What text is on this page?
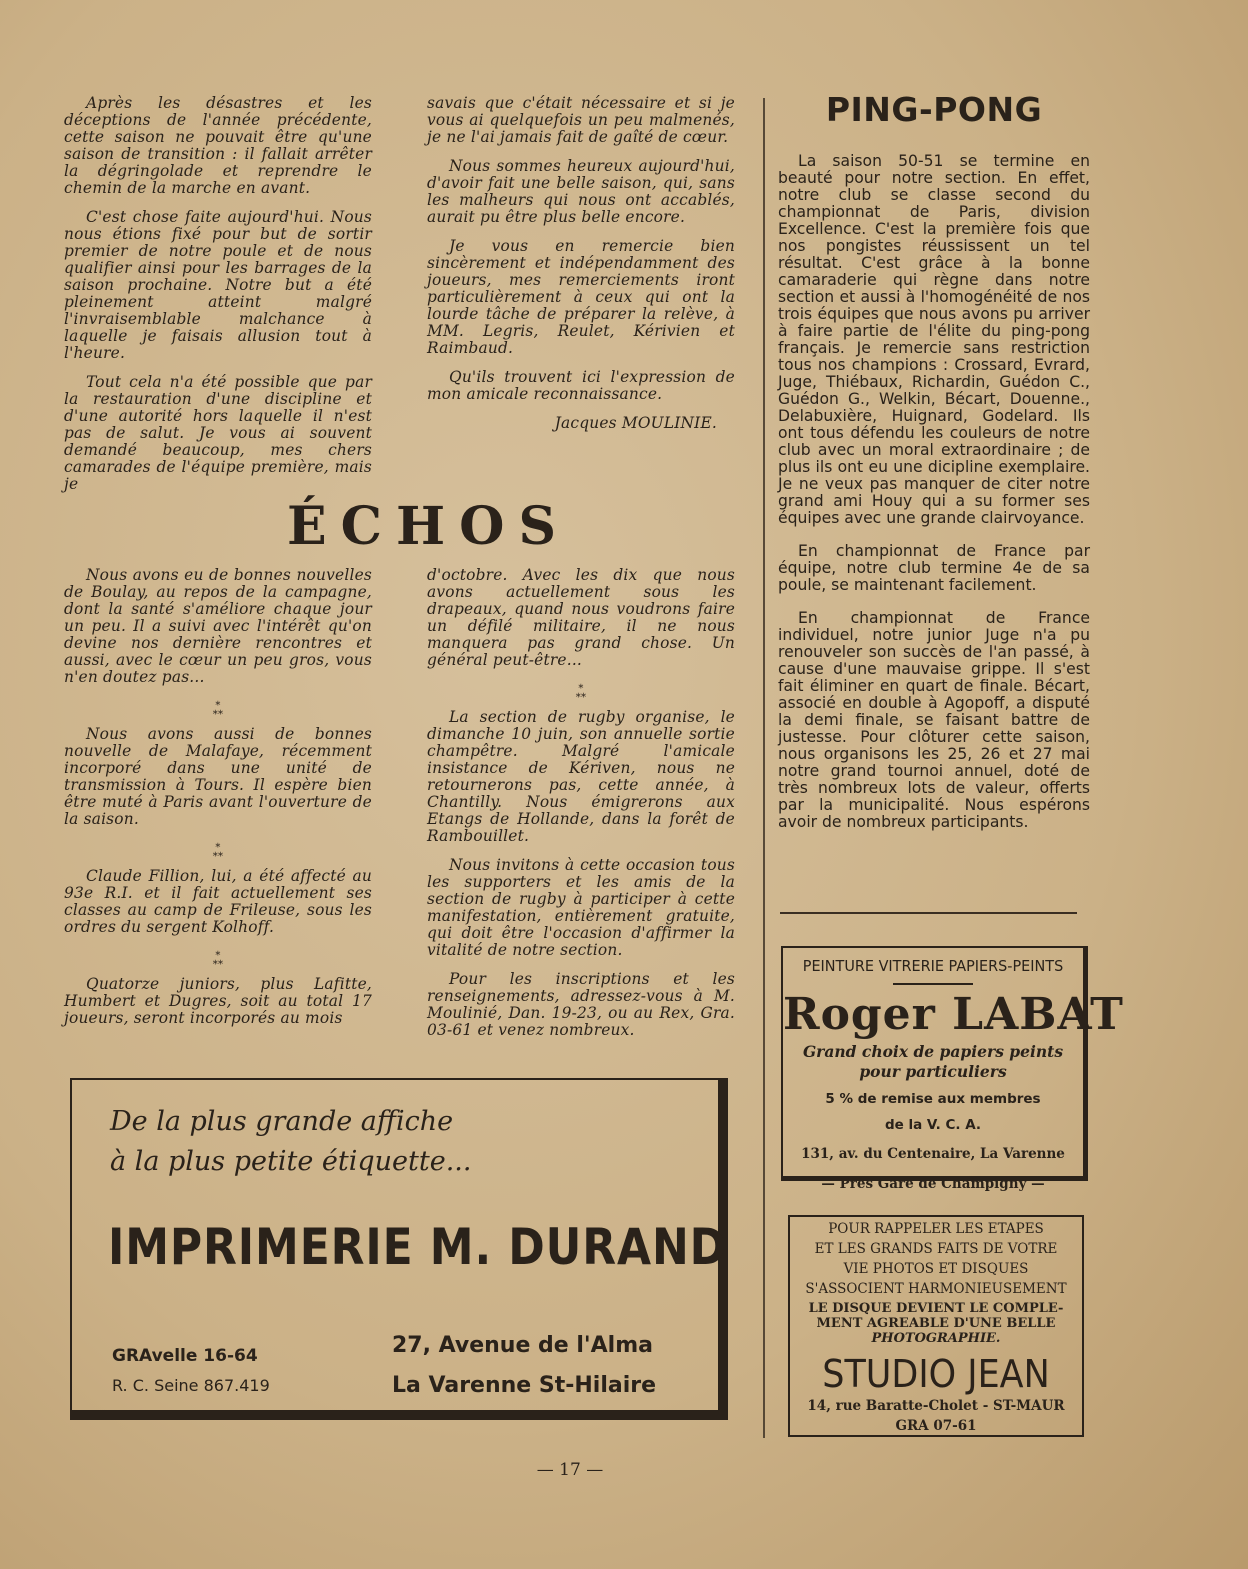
Après les désastres et les déceptions de l'année précédente, cette saison ne pouvait être qu'une saison de transition : il fallait arrêter la dégringolade et reprendre le chemin de la marche en avant.

C'est chose faite aujourd'hui. Nous nous étions fixé pour but de sortir premier de notre poule et de nous qualifier ainsi pour les barrages de la saison prochaine. Notre but a été pleinement atteint malgré l'invraisemblable malchance à laquelle je faisais allusion tout à l'heure.

Tout cela n'a été possible que par la restauration d'une discipline et d'une autorité hors laquelle il n'est pas de salut. Je vous ai souvent demandé beaucoup, mes chers camarades de l'équipe première, mais je

savais que c'était nécessaire et si je vous ai quelquefois un peu malmenés, je ne l'ai jamais fait de gaîté de cœur.

Nous sommes heureux aujourd'hui, d'avoir fait une belle saison, qui, sans les malheurs qui nous ont accablés, aurait pu être plus belle encore.

Je vous en remercie bien sincèrement et indépendamment des joueurs, mes remerciements iront particulièrement à ceux qui ont la lourde tâche de préparer la relève, à MM. Legris, Reulet, Kérivien et Raimbaud.

Qu'ils trouvent ici l'expression de mon amicale reconnaissance.

Jacques MOULINIE.
ÉCHOS

Nous avons eu de bonnes nouvelles de Boulay, au repos de la campagne, dont la santé s'améliore chaque jour un peu. Il a suivi avec l'intérêt qu'on devine nos dernière rencontres et aussi, avec le cœur un peu gros, vous n'en doutez pas...

⁎
⁎⁎

Nous avons aussi de bonnes nouvelle de Malafaye, récemment incorporé dans une unité de transmission à Tours. Il espère bien être muté à Paris avant l'ouverture de la saison.

⁎
⁎⁎

Claude Fillion, lui, a été affecté au 93e R.I. et il fait actuellement ses classes au camp de Frileuse, sous les ordres du sergent Kolhoff.

⁎
⁎⁎

Quatorze juniors, plus Lafitte, Humbert et Dugres, soit au total 17 joueurs, seront incorporés au mois

d'octobre. Avec les dix que nous avons actuellement sous les drapeaux, quand nous voudrons faire un défilé militaire, il ne nous manquera pas grand chose. Un général peut-être...

⁎
⁎⁎

La section de rugby organise, le dimanche 10 juin, son annuelle sortie champêtre. Malgré l'amicale insistance de Kériven, nous ne retournerons pas, cette année, à Chantilly. Nous émigrerons aux Etangs de Hollande, dans la forêt de Rambouillet.

Nous invitons à cette occasion tous les supporters et les amis de la section de rugby à participer à cette manifestation, entièrement gratuite, qui doit être l'occasion d'affirmer la vitalité de notre section.

Pour les inscriptions et les renseignements, adressez-vous à M. Moulinié, Dan. 19-23, ou au Rex, Gra. 03-61 et venez nombreux.

PING-PONG

La saison 50-51 se termine en beauté pour notre section. En effet, notre club se classe second du championnat de Paris, division Excellence. C'est la première fois que nos pongistes réussissent un tel résultat. C'est grâce à la bonne camaraderie qui règne dans notre section et aussi à l'homogénéité de nos trois équipes que nous avons pu arriver à faire partie de l'élite du ping-pong français. Je remercie sans restriction tous nos champions : Crossard, Evrard, Juge, Thiébaux, Richardin, Guédon C., Guédon G., Welkin, Bécart, Douenne., Delabuxière, Huignard, Godelard. Ils ont tous défendu les couleurs de notre club avec un moral extraordinaire ; de plus ils ont eu une dicipline exemplaire. Je ne veux pas manquer de citer notre grand ami Houy qui a su former ses équipes avec une grande clairvoyance.

En championnat de France par équipe, notre club termine 4e de sa poule, se maintenant facilement.

En championnat de France individuel, notre junior Juge n'a pu renouveler son succès de l'an passé, à cause d'une mauvaise grippe. Il s'est fait éliminer en quart de finale. Bécart, associé en double à Agopoff, a disputé la demi finale, se faisant battre de justesse. Pour clôturer cette saison, nous organisons les 25, 26 et 27 mai notre grand tournoi annuel, doté de très nombreux lots de valeur, offerts par la municipalité. Nous espérons avoir de nombreux participants.

PEINTURE VITRERIE PAPIERS-PEINTS
Roger LABAT
Grand choix de papiers peints
pour particuliers
5 % de remise aux membres
de la V. C. A.
131, av. du Centenaire, La Varenne
— Près Gare de Champigny —
POUR RAPPELER LES ETAPES
ET LES GRANDS FAITS DE VOTRE
VIE PHOTOS ET DISQUES
S'ASSOCIENT HARMONIEUSEMENT
LE DISQUE DEVIENT LE COMPLE-
MENT AGREABLE D'UNE BELLE
PHOTOGRAPHIE.
STUDIO JEAN
14, rue Baratte-Cholet - ST-MAUR
GRA 07-61
De la plus grande affiche
à la plus petite étiquette...
IMPRIMERIE M. DURAND
GRAvelle 16-64
R. C. Seine 867.419
27, Avenue de l'Alma
La Varenne St-Hilaire
— 17 —
